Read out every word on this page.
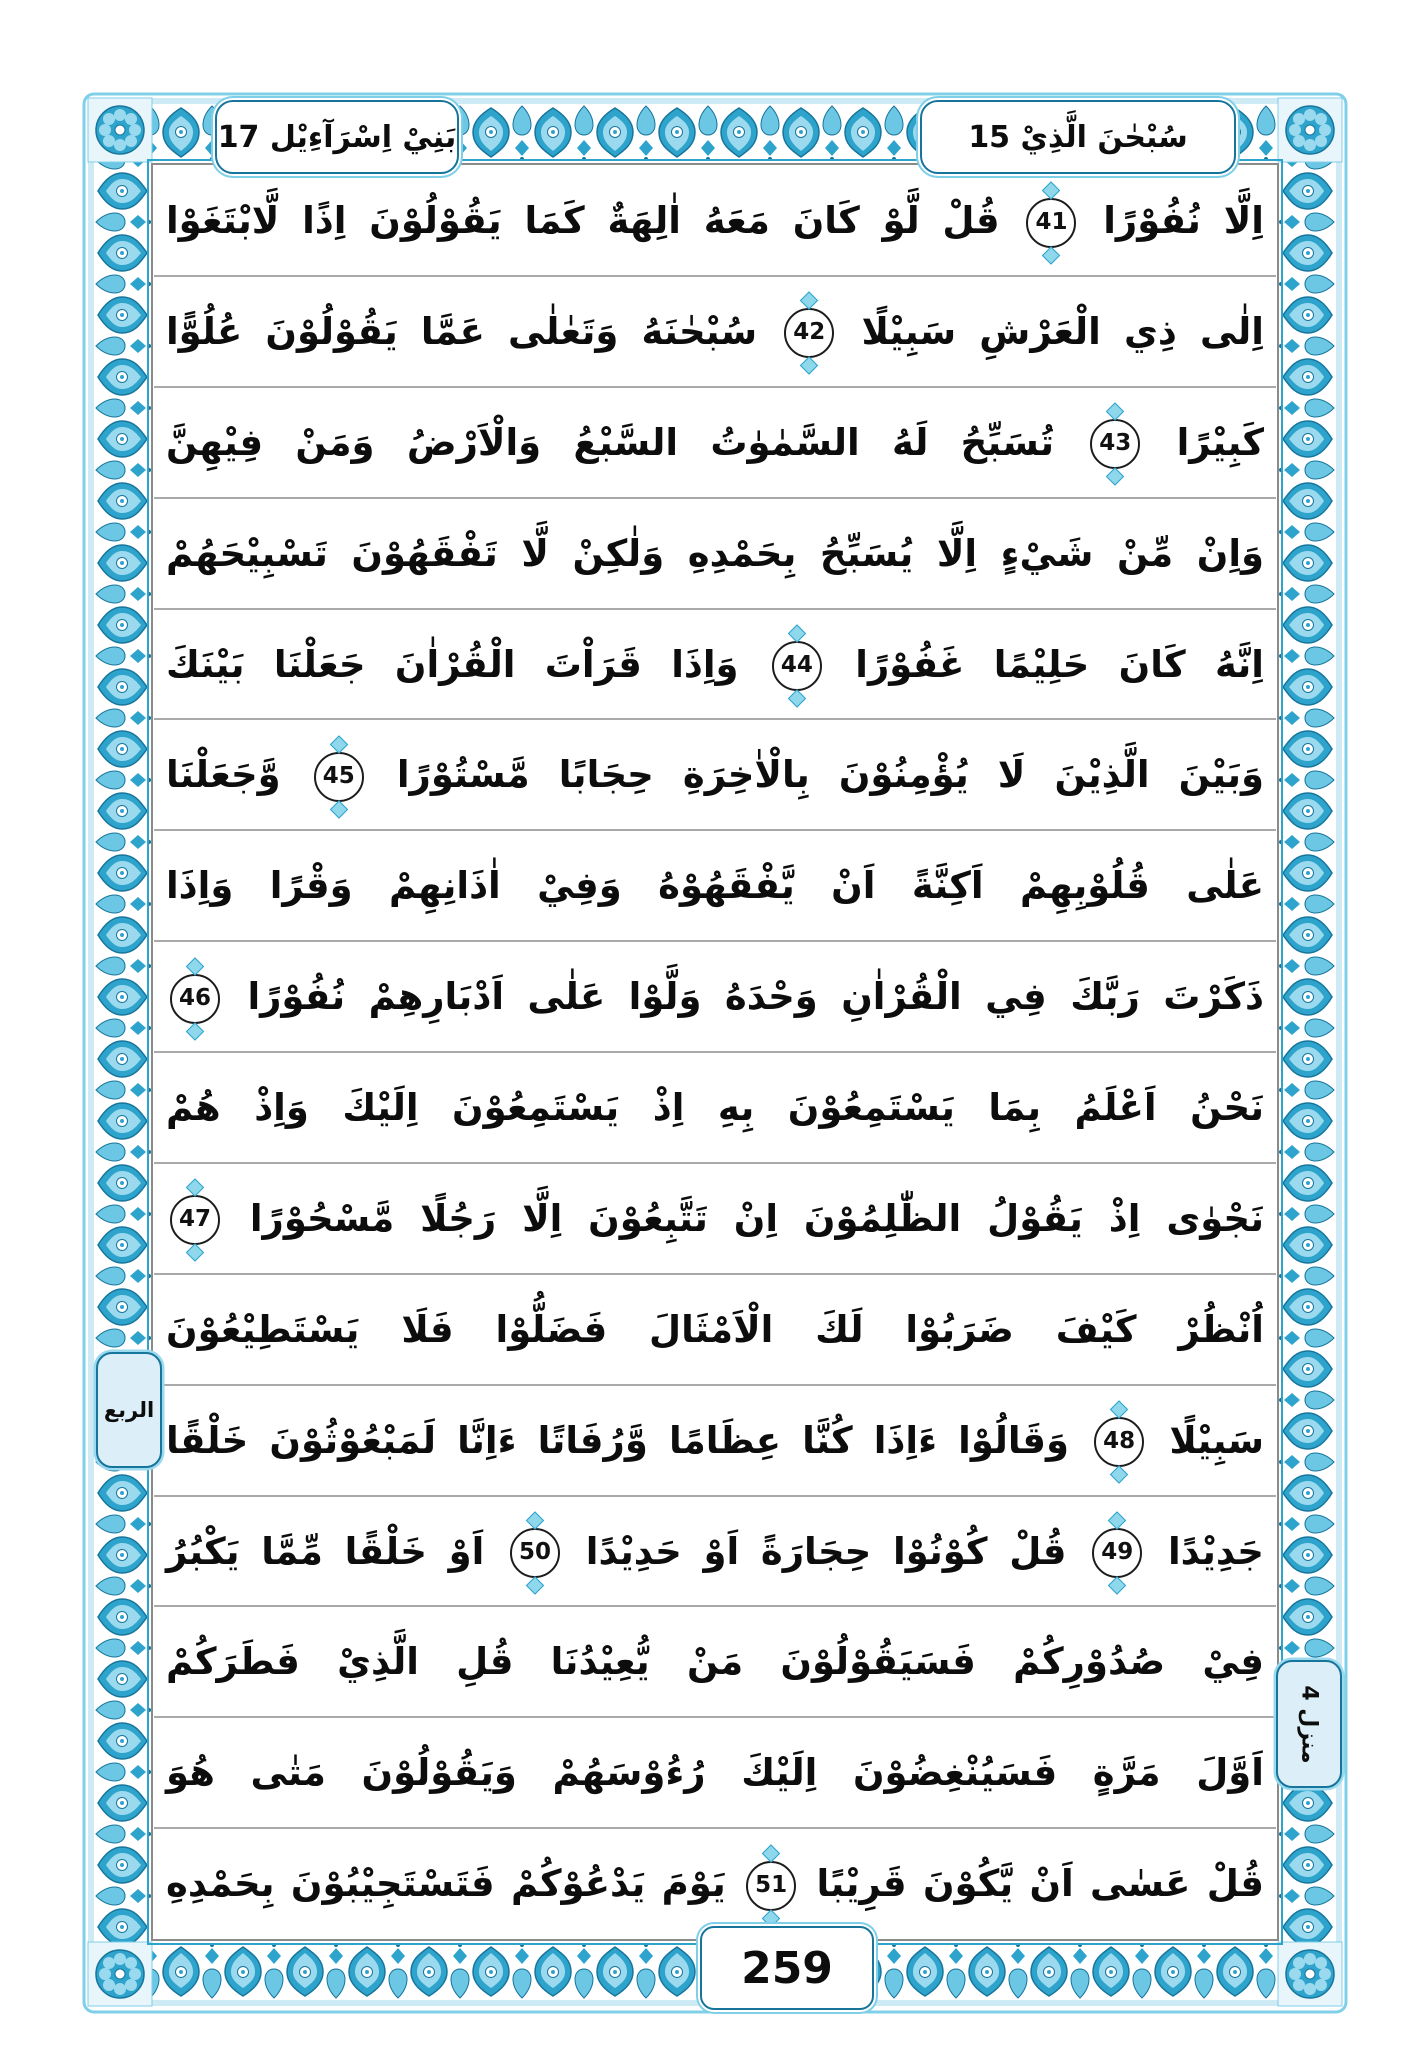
بَنِيْ اِسْرَآءِيْل 17	سُبْحٰنَ الَّذِيْ 15
اِلَّا نُفُوْرًا 41 قُلْ لَّوْ كَانَ مَعَهُ اٰلِهَةٌ كَمَا يَقُوْلُوْنَ اِذًا لَّابْتَغَوْا
اِلٰى ذِي الْعَرْشِ سَبِيْلًا 42 سُبْحٰنَهُ وَتَعٰلٰى عَمَّا يَقُوْلُوْنَ عُلُوًّا
كَبِيْرًا 43 تُسَبِّحُ لَهُ السَّمٰوٰتُ السَّبْعُ وَالْاَرْضُ وَمَنْ فِيْهِنَّ
وَاِنْ مِّنْ شَيْءٍ اِلَّا يُسَبِّحُ بِحَمْدِهِ وَلٰكِنْ لَّا تَفْقَهُوْنَ تَسْبِيْحَهُمْ
اِنَّهُ كَانَ حَلِيْمًا غَفُوْرًا 44 وَاِذَا قَرَاْتَ الْقُرْاٰنَ جَعَلْنَا بَيْنَكَ
وَبَيْنَ الَّذِيْنَ لَا يُؤْمِنُوْنَ بِالْاٰخِرَةِ حِجَابًا مَّسْتُوْرًا 45 وَّجَعَلْنَا
عَلٰى قُلُوْبِهِمْ اَكِنَّةً اَنْ يَّفْقَهُوْهُ وَفِيْ اٰذَانِهِمْ وَقْرًا وَاِذَا
ذَكَرْتَ رَبَّكَ فِي الْقُرْاٰنِ وَحْدَهُ وَلَّوْا عَلٰى اَدْبَارِهِمْ نُفُوْرًا 46
نَحْنُ اَعْلَمُ بِمَا يَسْتَمِعُوْنَ بِهِ اِذْ يَسْتَمِعُوْنَ اِلَيْكَ وَاِذْ هُمْ
نَجْوٰى اِذْ يَقُوْلُ الظّٰلِمُوْنَ اِنْ تَتَّبِعُوْنَ اِلَّا رَجُلًا مَّسْحُوْرًا 47
اُنْظُرْ كَيْفَ ضَرَبُوْا لَكَ الْاَمْثَالَ فَضَلُّوْا فَلَا يَسْتَطِيْعُوْنَ
سَبِيْلًا 48 وَقَالُوْا ءَاِذَا كُنَّا عِظَامًا وَّرُفَاتًا ءَاِنَّا لَمَبْعُوْثُوْنَ خَلْقًا
جَدِيْدًا 49 قُلْ كُوْنُوْا حِجَارَةً اَوْ حَدِيْدًا 50 اَوْ خَلْقًا مِّمَّا يَكْبُرُ
فِيْ صُدُوْرِكُمْ فَسَيَقُوْلُوْنَ مَنْ يُّعِيْدُنَا قُلِ الَّذِيْ فَطَرَكُمْ
اَوَّلَ مَرَّةٍ فَسَيُنْغِضُوْنَ اِلَيْكَ رُءُوْسَهُمْ وَيَقُوْلُوْنَ مَتٰى هُوَ
قُلْ عَسٰى اَنْ يَّكُوْنَ قَرِيْبًا 51 يَوْمَ يَدْعُوْكُمْ فَتَسْتَجِيْبُوْنَ بِحَمْدِهِ
الربع
منزل 4
259
